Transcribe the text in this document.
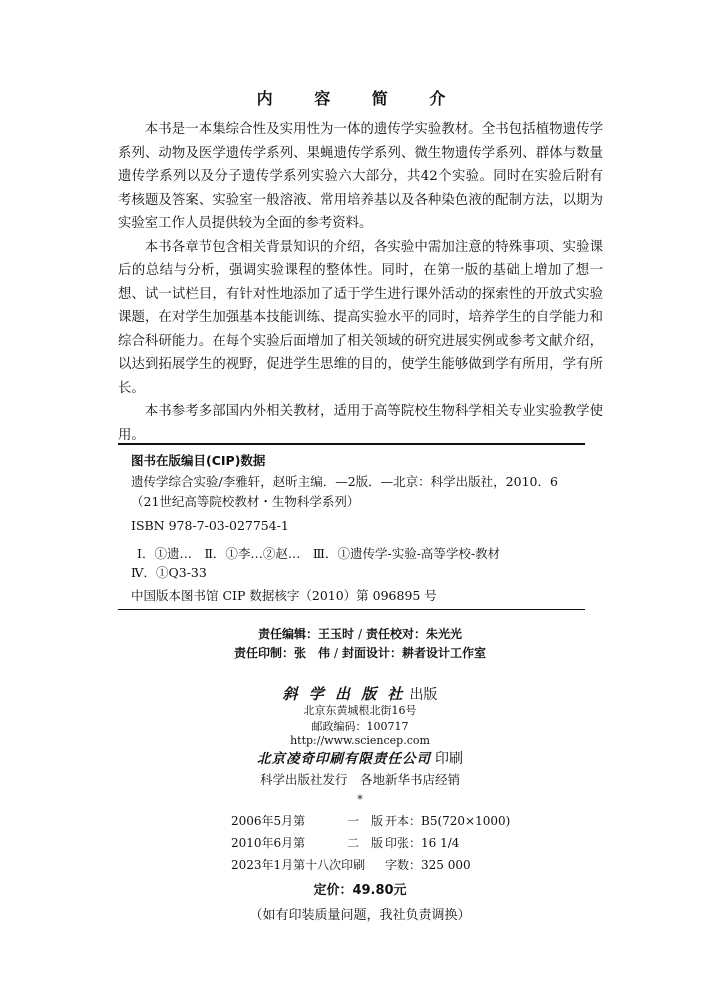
内 容 简 介

本书是一本集综合性及实用性为一体的遗传学实验教材。全书包括植物遗传学系列、动物及医学遗传学系列、果蝇遗传学系列、微生物遗传学系列、群体与数量遗传学系列以及分子遗传学系列实验六大部分，共42个实验。同时在实验后附有考核题及答案、实验室一般溶液、常用培养基以及各种染色液的配制方法，以期为实验室工作人员提供较为全面的参考资料。

本书各章节包含相关背景知识的介绍，各实验中需加注意的特殊事项、实验课后的总结与分析，强调实验课程的整体性。同时，在第一版的基础上增加了想一想、试一试栏目，有针对性地添加了适于学生进行课外活动的探索性的开放式实验课题，在对学生加强基本技能训练、提高实验水平的同时，培养学生的自学能力和综合科研能力。在每个实验后面增加了相关领域的研究进展实例或参考文献介绍，以达到拓展学生的视野，促进学生思维的目的，使学生能够做到学有所用，学有所长。

本书参考多部国内外相关教材，适用于高等院校生物科学相关专业实验教学使用。

图书在版编目(CIP)数据
遗传学综合实验/李雅轩，赵昕主编．—2版．—北京：科学出版社，2010．6
（21世纪高等院校教材・生物科学系列）
ISBN 978-7-03-027754-1
Ⅰ．①遗…　Ⅱ．①李…②赵…　Ⅲ．①遗传学-实验-高等学校-教材
Ⅳ．①Q3-33
中国版本图书馆 CIP 数据核字（2010）第 096895 号
责任编辑：王玉时 / 责任校对：朱光光
责任印制：张　伟 / 封面设计：耕者设计工作室
斜 学 出 版 社 出版
北京东黄城根北街16号
邮政编码：100717
http://www.sciencep.com
北京凌奇印刷有限责任公司 印刷
科学出版社发行　各地新华书店经销
*
2006年5月第	一　版 开本：B5(720×1000)
2010年6月第	二　版 印张：16 1/4
2023年1月第十八次印刷 字数：325 000
定价：49.80元
（如有印装质量问题，我社负责调换）
